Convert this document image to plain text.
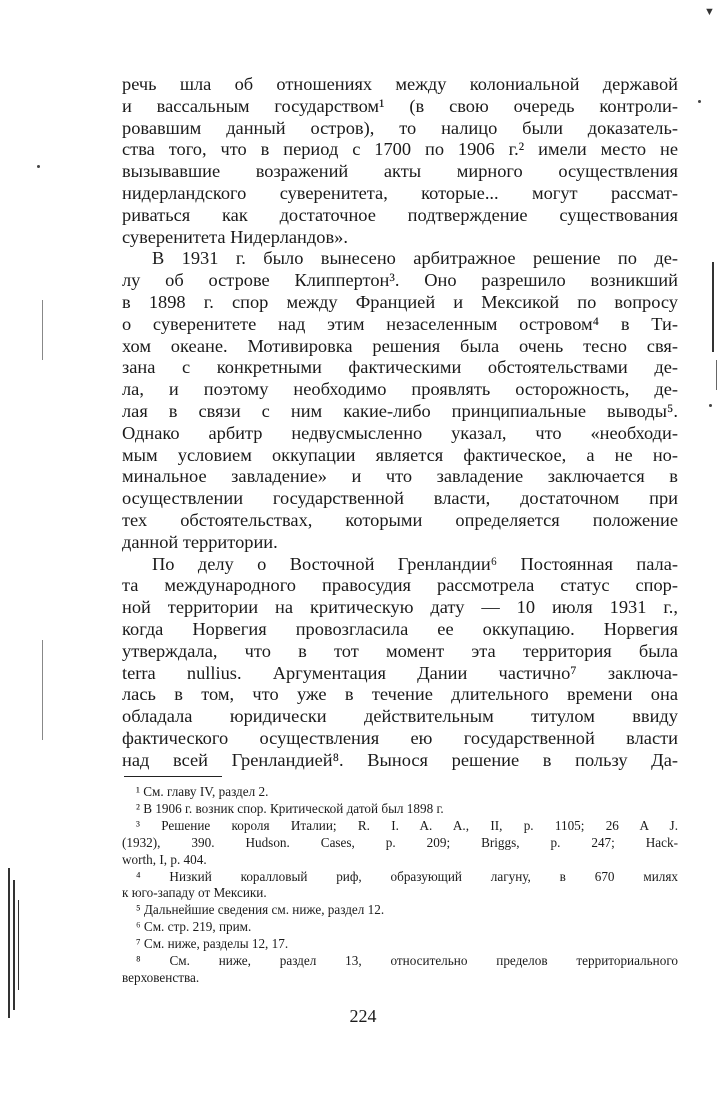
речь шла об отношениях между колониальной державой
и вассальным государством¹ (в свою очередь контроли-
ровавшим данный остров), то налицо были доказатель-
ства того, что в период с 1700 по 1906 г.² имели место не
вызывавшие возражений акты мирного осуществления
нидерландского суверенитета, которые... могут рассмат-
риваться как достаточное подтверждение существования
суверенитета Нидерландов».
В 1931 г. было вынесено арбитражное решение по де-
лу об острове Клиппертон³. Оно разрешило возникший
в 1898 г. спор между Францией и Мексикой по вопросу
о суверенитете над этим незаселенным островом⁴ в Ти-
хом океане. Мотивировка решения была очень тесно свя-
зана с конкретными фактическими обстоятельствами де-
ла, и поэтому необходимо проявлять осторожность, де-
лая в связи с ним какие-либо принципиальные выводы⁵.
Однако арбитр недвусмысленно указал, что «необходи-
мым условием оккупации является фактическое, а не но-
минальное завладение» и что завладение заключается в
осуществлении государственной власти, достаточном при
тех обстоятельствах, которыми определяется положение
данной территории.
По делу о Восточной Гренландии⁶ Постоянная пала-
та международного правосудия рассмотрела статус спор-
ной территории на критическую дату — 10 июля 1931 г.,
когда Норвегия провозгласила ее оккупацию. Норвегия
утверждала, что в тот момент эта территория была
terra nullius. Аргументация Дании частично⁷ заключа-
лась в том, что уже в течение длительного времени она
обладала юридически действительным титулом ввиду
фактического осуществления ею государственной власти
над всей Гренландией⁸. Вынося решение в пользу Да-
¹ См. главу IV, раздел 2.
² В 1906 г. возник спор. Критической датой был 1898 г.
³ Решение короля Италии; R. I. A. A., II, p. 1105; 26 A J.
(1932), 390. Hudson. Cases, p. 209; Briggs, p. 247; Hack-
worth, I, p. 404.
⁴ Низкий коралловый риф, образующий лагуну, в 670 милях
к юго-западу от Мексики.
⁵ Дальнейшие сведения см. ниже, раздел 12.
⁶ См. стр. 219, прим.
⁷ См. ниже, разделы 12, 17.
⁸ См. ниже, раздел 13, относительно пределов территориального
верховенства.
224
▼
